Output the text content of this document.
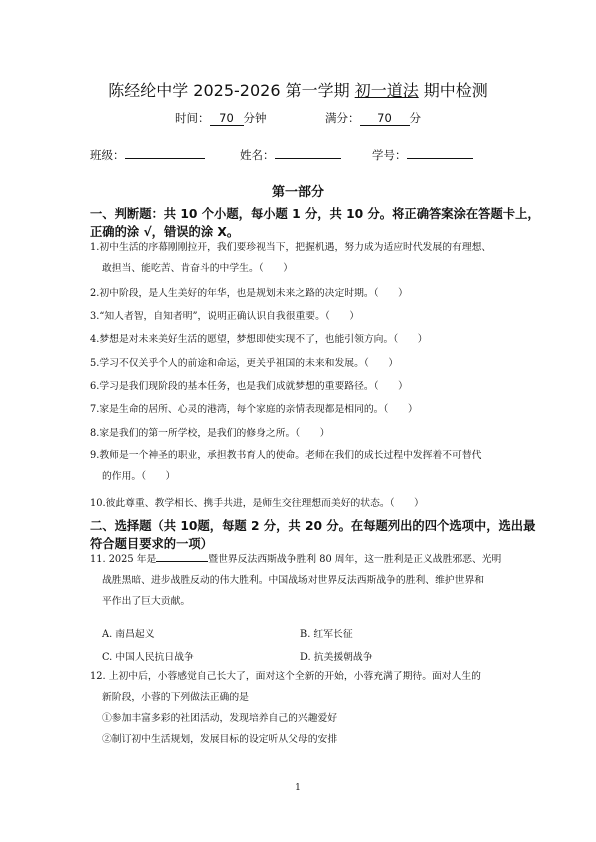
陈经纶中学 2025-2026 第一学期 初一道法 期中检测
时间： 70 分钟	满分： 70 分
班级：	姓名：	学号：
第一部分
一、判断题：共 10 个小题，每小题 1 分，共 10 分。将正确答案涂在答题卡上，
正确的涂 √，错误的涂 X。
1.初中生活的序幕刚刚拉开，我们要珍视当下，把握机遇，努力成为适应时代发展的有理想、
敢担当、能吃苦、肯奋斗的中学生。（　　）
2.初中阶段，是人生美好的年华，也是规划未来之路的决定时期。（　　）
3.“知人者智，自知者明”，说明正确认识自我很重要。（　　）
4.梦想是对未来美好生活的愿望，梦想即使实现不了，也能引领方向。（　　）
5.学习不仅关乎个人的前途和命运，更关乎祖国的未来和发展。（　　）
6.学习是我们现阶段的基本任务，也是我们成就梦想的重要路径。（　　）
7.家是生命的居所、心灵的港湾，每个家庭的亲情表现都是相同的。（　　）
8.家是我们的第一所学校，是我们的修身之所。（　　）
9.教师是一个神圣的职业，承担教书育人的使命。老师在我们的成长过程中发挥着不可替代
的作用。（　　）
10.彼此尊重、教学相长、携手共进，是师生交往理想而美好的状态。（　　）
二、选择题（共 10题，每题 2 分，共 20 分。在每题列出的四个选项中，选出最
符合题目要求的一项）
11. 2025 年是	暨世界反法西斯战争胜利 80 周年，这一胜利是正义战胜邪恶、光明
战胜黑暗、进步战胜反动的伟大胜利。中国战场对世界反法西斯战争的胜利、维护世界和
平作出了巨大贡献。
A. 南昌起义	B. 红军长征
C. 中国人民抗日战争	D. 抗美援朝战争
12. 上初中后，小蓉感觉自己长大了，面对这个全新的开始，小蓉充满了期待。面对人生的
新阶段，小蓉的下列做法正确的是
①参加丰富多彩的社团活动，发现培养自己的兴趣爱好
②制订初中生活规划，发展目标的设定听从父母的安排
1
